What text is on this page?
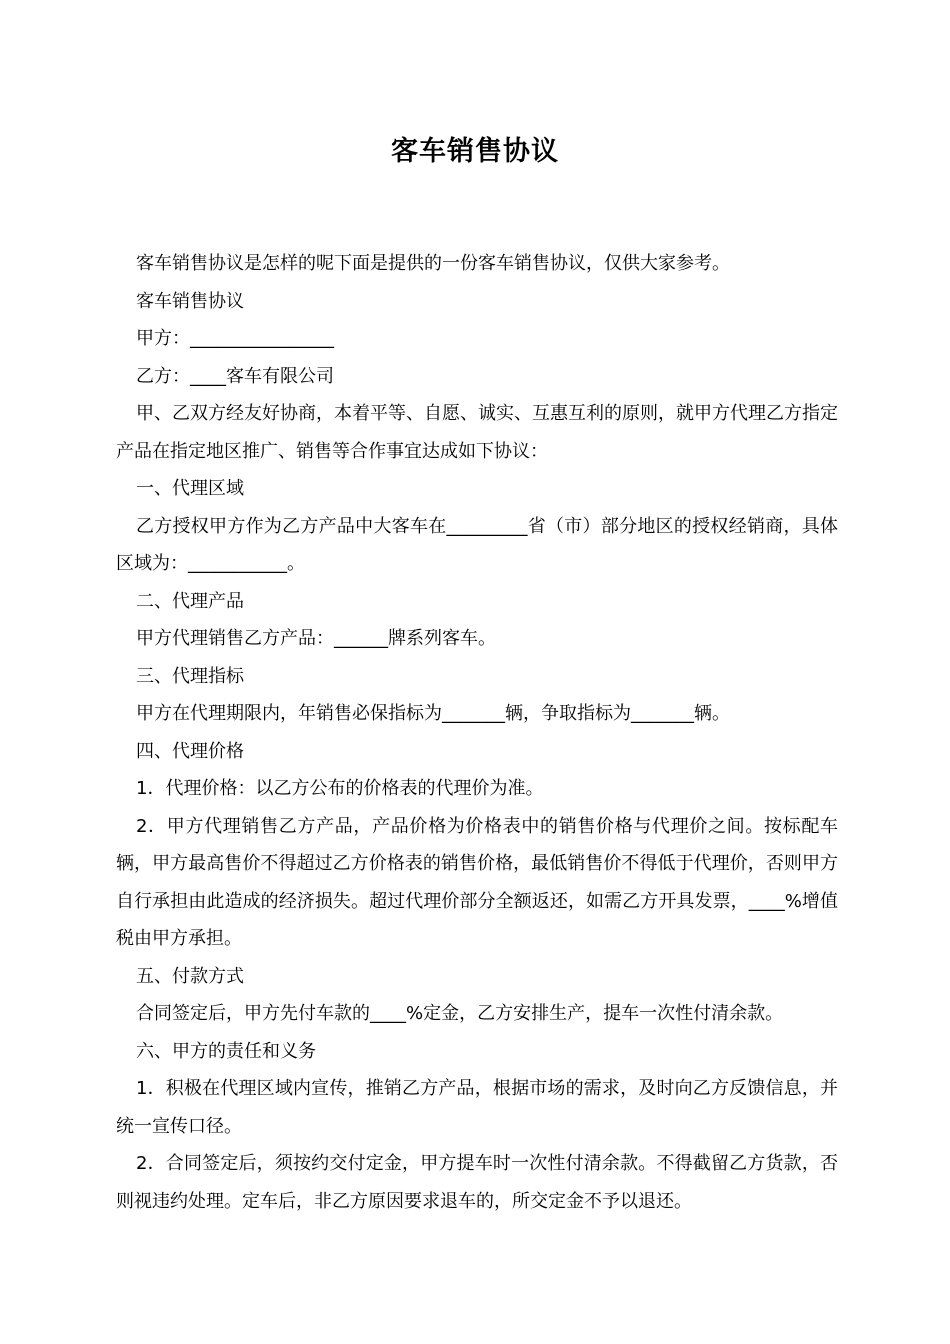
客车销售协议

客车销售协议是怎样的呢下面是提供的一份客车销售协议，仅供大家参考。

客车销售协议

甲方：________________

乙方：____客车有限公司

甲、乙双方经友好协商，本着平等、自愿、诚实、互惠互利的原则，就甲方代理乙方指定产品在指定地区推广、销售等合作事宜达成如下协议：

一、代理区域

乙方授权甲方作为乙方产品中大客车在_________省（市）部分地区的授权经销商，具体区域为：___________。

二、代理产品

甲方代理销售乙方产品：______牌系列客车。

三、代理指标

甲方在代理期限内，年销售必保指标为_______辆，争取指标为_______辆。

四、代理价格

1．代理价格：以乙方公布的价格表的代理价为准。

2．甲方代理销售乙方产品，产品价格为价格表中的销售价格与代理价之间。按标配车辆，甲方最高售价不得超过乙方价格表的销售价格，最低销售价不得低于代理价，否则甲方自行承担由此造成的经济损失。超过代理价部分全额返还，如需乙方开具发票，____%增值税由甲方承担。

五、付款方式

合同签定后，甲方先付车款的____%定金，乙方安排生产，提车一次性付清余款。

六、甲方的责任和义务

1．积极在代理区域内宣传，推销乙方产品，根据市场的需求，及时向乙方反馈信息，并统一宣传口径。

2．合同签定后，须按约交付定金，甲方提车时一次性付清余款。不得截留乙方货款，否则视违约处理。定车后，非乙方原因要求退车的，所交定金不予以退还。
